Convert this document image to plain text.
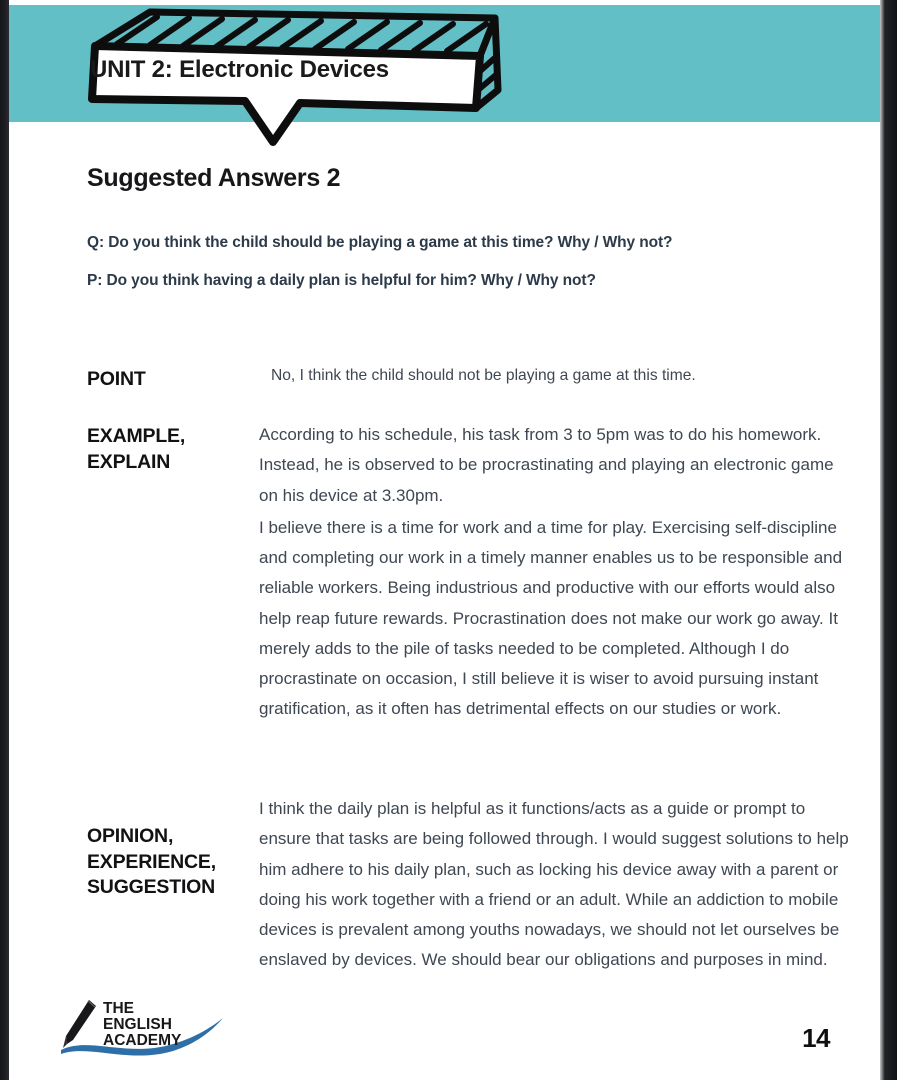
UNIT 2: Electronic Devices
Suggested Answers 2
Q: Do you think the child should be playing a game at this time? Why / Why not?
P: Do you think having a daily plan is helpful for him? Why / Why not?
POINT	No, I think the child should not be playing a game at this time.

EXAMPLE,
EXPLAIN

According to his schedule, his task from 3 to 5pm was to do his homework. Instead, he is observed to be procrastinating and playing an electronic game on his device at 3.30pm.

I believe there is a time for work and a time for play. Exercising self-discipline and completing our work in a timely manner enables us to be responsible and reliable workers. Being industrious and productive with our efforts would also help reap future rewards. Procrastination does not make our work go away. It merely adds to the pile of tasks needed to be completed. Although I do procrastinate on occasion, I still believe it is wiser to avoid pursuing instant gratification, as it often has detrimental effects on our studies or work.

OPINION,
EXPERIENCE,
SUGGESTION

I think the daily plan is helpful as it functions/acts as a guide or prompt to ensure that tasks are being followed through. I would suggest solutions to help him adhere to his daily plan, such as locking his device away with a parent or doing his work together with a friend or an adult. While an addiction to mobile devices is prevalent among youths nowadays, we should not let ourselves be enslaved by devices. We should bear our obligations and purposes in mind.

THE
ENGLISH
ACADEMY	14
